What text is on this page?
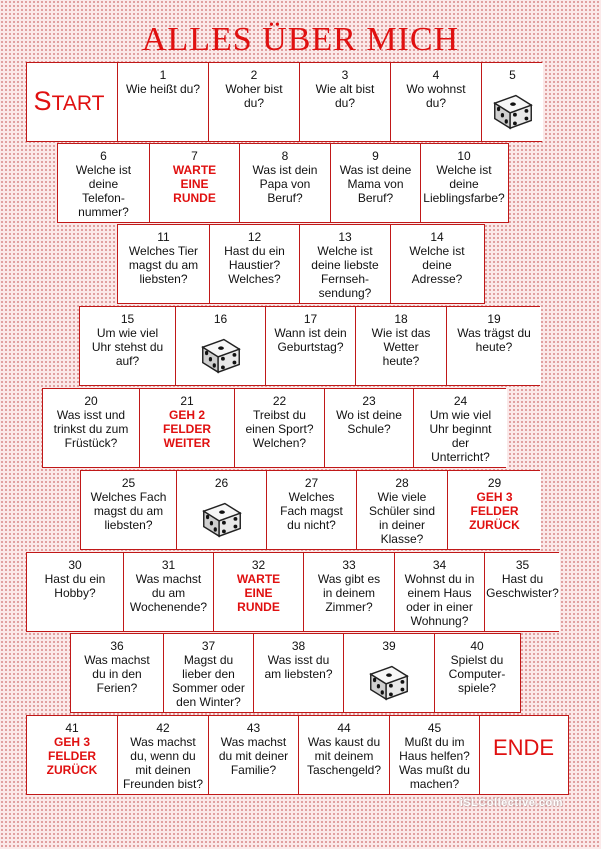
ALLES ÜBER MICH
START
1
Wie heißt du?
2
Woher bist
du?
3
Wie alt bist
du?
4
Wo wohnst
du?
5
6
Welche ist
deine
Telefon-
nummer?
7
WARTE
EINE
RUNDE
8
Was ist dein
Papa von
Beruf?
9
Was ist deine
Mama von
Beruf?
10
Welche ist
deine
Lieblingsfarbe?
11
Welches Tier
magst du am
liebsten?
12
Hast du ein
Haustier?
Welches?
13
Welche ist
deine liebste
Fernseh-
sendung?
14
Welche ist
deine
Adresse?
15
Um wie viel
Uhr stehst du
auf?
16	17
Wann ist dein
Geburtstag?
18
Wie ist das
Wetter
heute?
19
Was trägst du
heute?
20
Was isst und
trinkst du zum
Früstück?
21
GEH 2
FELDER
WEITER
22
Treibst du
einen Sport?
Welchen?
23
Wo ist deine
Schule?
24
Um wie viel
Uhr beginnt
der
Unterricht?
25
Welches Fach
magst du am
liebsten?
26	27
Welches
Fach magst
du nicht?
28
Wie viele
Schüler sind
in deiner
Klasse?
29
GEH 3
FELDER
ZURÜCK
30
Hast du ein
Hobby?
31
Was machst
du am
Wochenende?
32
WARTE
EINE
RUNDE
33
Was gibt es
in deinem
Zimmer?
34
Wohnst du in
einem Haus
oder in einer
Wohnung?
35
Hast du
Geschwister?
36
Was machst
du in den
Ferien?
37
Magst du
lieber den
Sommer oder
den Winter?
38
Was isst du
am liebsten?
39	40
Spielst du
Computer-
spiele?
41
GEH 3
FELDER
ZURÜCK
42
Was machst
du, wenn du
mit deinen
Freunden bist?
43
Was machst
du mit deiner
Familie?
44
Was kaust du
mit deinem
Taschengeld?
45
Mußt du im
Haus helfen?
Was mußt du
machen?
ENDE
iSLCollective.com
